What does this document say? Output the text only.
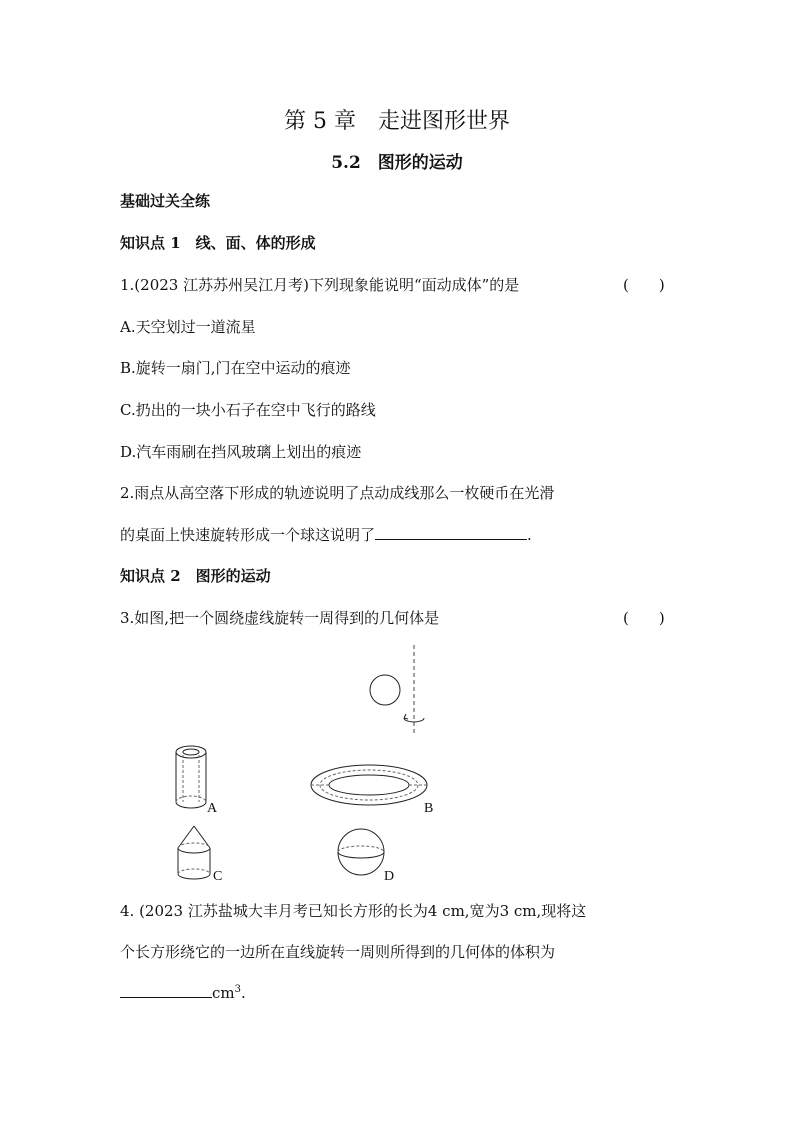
第 5 章　走进图形世界
5.2　图形的运动
基础过关全练
知识点 1　线、面、体的形成
1.(2023 江苏苏州吴江月考)下列现象能说明“面动成体”的是	(　　)
A.天空划过一道流星
B.旋转一扇门,门在空中运动的痕迹
C.扔出的一块小石子在空中飞行的路线
D.汽车雨刷在挡风玻璃上划出的痕迹
2.雨点从高空落下形成的轨迹说明了点动成线那么一枚硬币在光滑
的桌面上快速旋转形成一个球这说明了	.
知识点 2　图形的运动
3.如图,把一个圆绕虚线旋转一周得到的几何体是	(　　)
A	B
C	D
4. (2023 江苏盐城大丰月考已知长方形的长为4 cm,宽为3 cm,现将这
个长方形绕它的一边所在直线旋转一周则所得到的几何体的体积为
$cm^3$.
